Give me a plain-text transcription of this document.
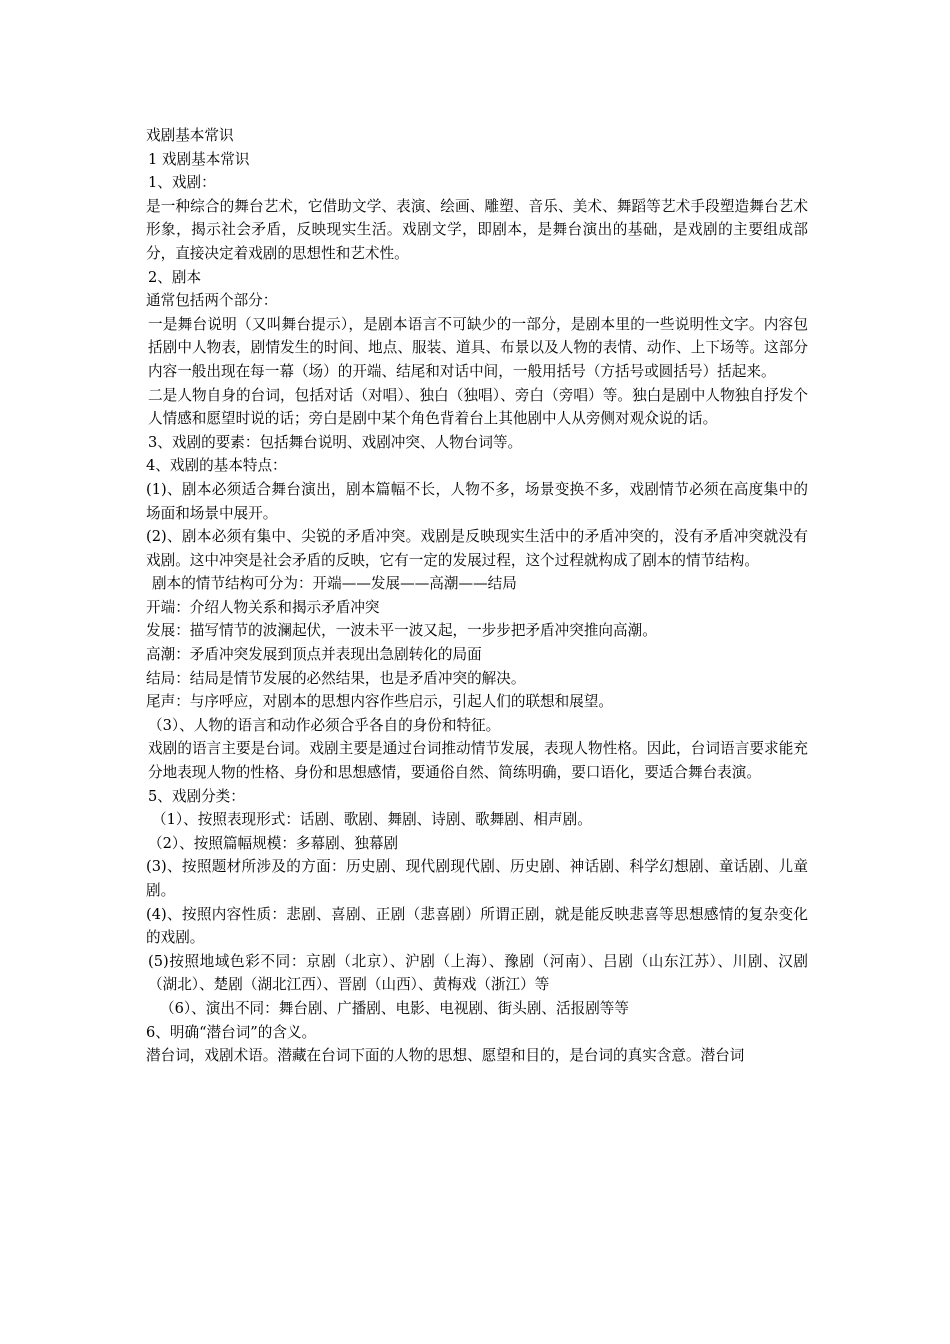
戏剧基本常识

1 戏剧基本常识

1、戏剧：

是一种综合的舞台艺术，它借助文学、表演、绘画、雕塑、音乐、美术、舞蹈等艺术手段塑造舞台艺术形象，揭示社会矛盾，反映现实生活。戏剧文学，即剧本，是舞台演出的基础，是戏剧的主要组成部分，直接决定着戏剧的思想性和艺术性。

2、剧本

通常包括两个部分：

一是舞台说明（又叫舞台提示），是剧本语言不可缺少的一部分，是剧本里的一些说明性文字。内容包括剧中人物表，剧情发生的时间、地点、服装、道具、布景以及人物的表情、动作、上下场等。这部分内容一般出现在每一幕（场）的开端、结尾和对话中间，一般用括号（方括号或圆括号）括起来。

二是人物自身的台词，包括对话（对唱）、独白（独唱）、旁白（旁唱）等。独白是剧中人物独自抒发个人情感和愿望时说的话；旁白是剧中某个角色背着台上其他剧中人从旁侧对观众说的话。

3、戏剧的要素：包括舞台说明、戏剧冲突、人物台词等。

4、戏剧的基本特点：

(1)、剧本必须适合舞台演出，剧本篇幅不长，人物不多，场景变换不多，戏剧情节必须在高度集中的场面和场景中展开。

(2)、剧本必须有集中、尖锐的矛盾冲突。戏剧是反映现实生活中的矛盾冲突的，没有矛盾冲突就没有戏剧。这中冲突是社会矛盾的反映，它有一定的发展过程，这个过程就构成了剧本的情节结构。

剧本的情节结构可分为：开端——发展——高潮——结局

开端：介绍人物关系和揭示矛盾冲突

发展：描写情节的波澜起伏，一波未平一波又起，一步步把矛盾冲突推向高潮。

高潮：矛盾冲突发展到顶点并表现出急剧转化的局面

结局：结局是情节发展的必然结果，也是矛盾冲突的解决。

尾声：与序呼应，对剧本的思想内容作些启示，引起人们的联想和展望。

（3）、人物的语言和动作必须合乎各自的身份和特征。

戏剧的语言主要是台词。戏剧主要是通过台词推动情节发展，表现人物性格。因此，台词语言要求能充分地表现人物的性格、身份和思想感情，要通俗自然、简练明确，要口语化，要适合舞台表演。

5、戏剧分类：

（1）、按照表现形式：话剧、歌剧、舞剧、诗剧、歌舞剧、相声剧。

（2）、按照篇幅规模：多幕剧、独幕剧

(3)、按照题材所涉及的方面：历史剧、现代剧现代剧、历史剧、神话剧、科学幻想剧、童话剧、儿童剧。

(4)、按照内容性质：悲剧、喜剧、正剧（悲喜剧）所谓正剧，就是能反映悲喜等思想感情的复杂变化的戏剧。

(5)按照地域色彩不同：京剧（北京）、沪剧（上海）、豫剧（河南）、吕剧（山东江苏）、川剧、汉剧（湖北）、楚剧（湖北江西）、晋剧（山西）、黄梅戏（浙江）等

（6）、演出不同：舞台剧、广播剧、电影、电视剧、街头剧、活报剧等等

6、明确“潜台词”的含义。

潜台词，戏剧术语。潜藏在台词下面的人物的思想、愿望和目的，是台词的真实含意。潜台词
